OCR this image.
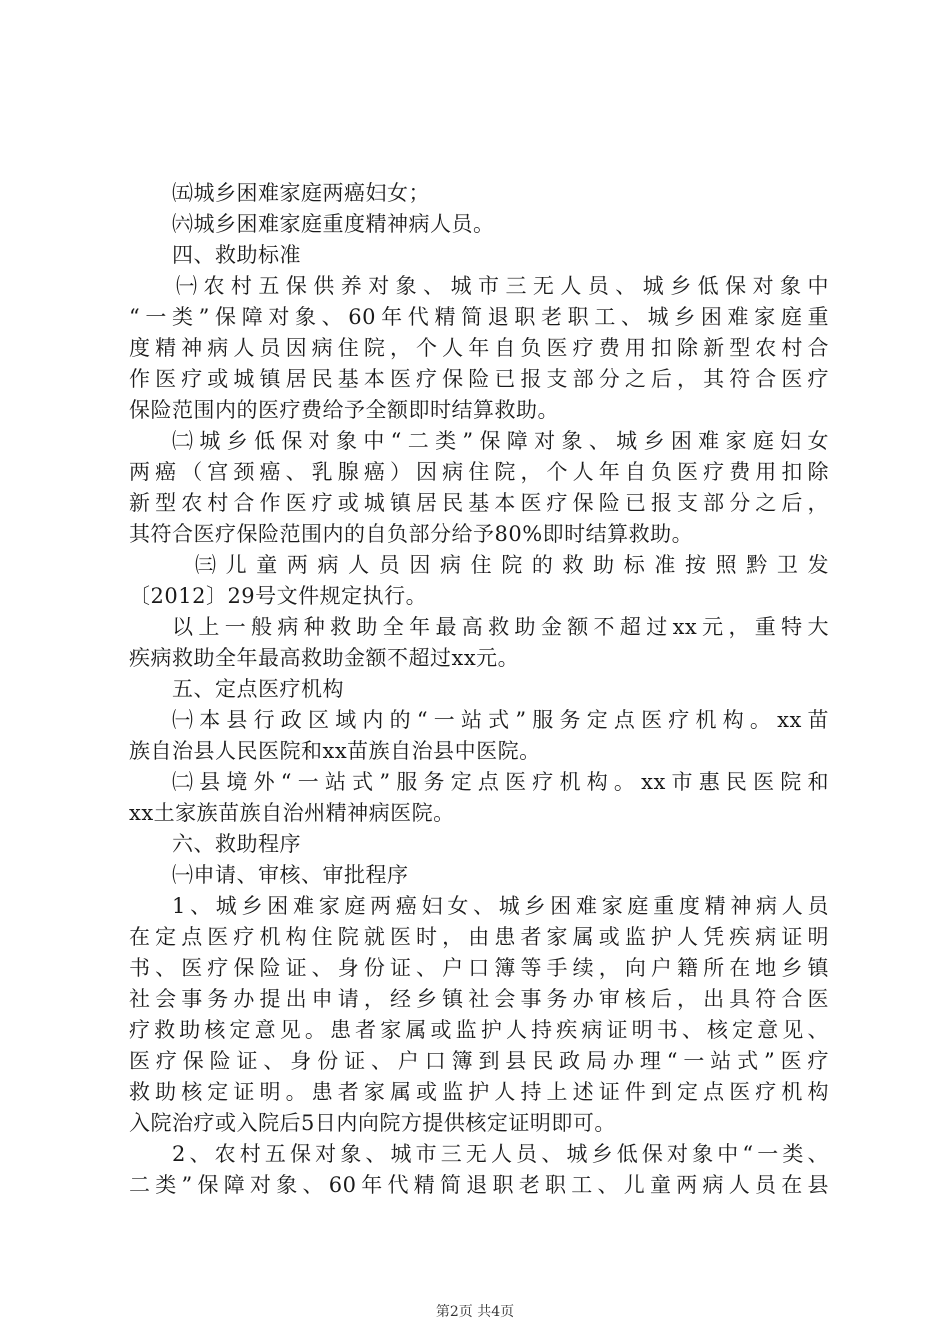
㈤城乡困难家庭两癌妇女；
㈥城乡困难家庭重度精神病人员。
四、救助标准
㈠农村五保供养对象、城市三无人员、城乡低保对象中
“一类”保障对象、60年代精简退职老职工、城乡困难家庭重
度精神病人员因病住院，个人年自负医疗费用扣除新型农村合
作医疗或城镇居民基本医疗保险已报支部分之后，其符合医疗
保险范围内的医疗费给予全额即时结算救助。
㈡城乡低保对象中“二类”保障对象、城乡困难家庭妇女
两癌（宫颈癌、乳腺癌）因病住院，个人年自负医疗费用扣除
新型农村合作医疗或城镇居民基本医疗保险已报支部分之后，
其符合医疗保险范围内的自负部分给予80%即时结算救助。
㈢儿童两病人员因病住院的救助标准按照黔卫发
〔2012〕29号文件规定执行。
以上一般病种救助全年最高救助金额不超过xx元，重特大
疾病救助全年最高救助金额不超过xx元。
五、定点医疗机构
㈠本县行政区域内的“一站式”服务定点医疗机构。xx苗
族自治县人民医院和xx苗族自治县中医院。
㈡县境外“一站式”服务定点医疗机构。xx市惠民医院和
xx土家族苗族自治州精神病医院。
六、救助程序
㈠申请、审核、审批程序
1、城乡困难家庭两癌妇女、城乡困难家庭重度精神病人员
在定点医疗机构住院就医时，由患者家属或监护人凭疾病证明
书、医疗保险证、身份证、户口簿等手续，向户籍所在地乡镇
社会事务办提出申请，经乡镇社会事务办审核后，出具符合医
疗救助核定意见。患者家属或监护人持疾病证明书、核定意见、
医疗保险证、身份证、户口簿到县民政局办理“一站式”医疗
救助核定证明。患者家属或监护人持上述证件到定点医疗机构
入院治疗或入院后5日内向院方提供核定证明即可。
2、农村五保对象、城市三无人员、城乡低保对象中“一类、
二类”保障对象、60年代精简退职老职工、儿童两病人员在县
第2页 共4页
